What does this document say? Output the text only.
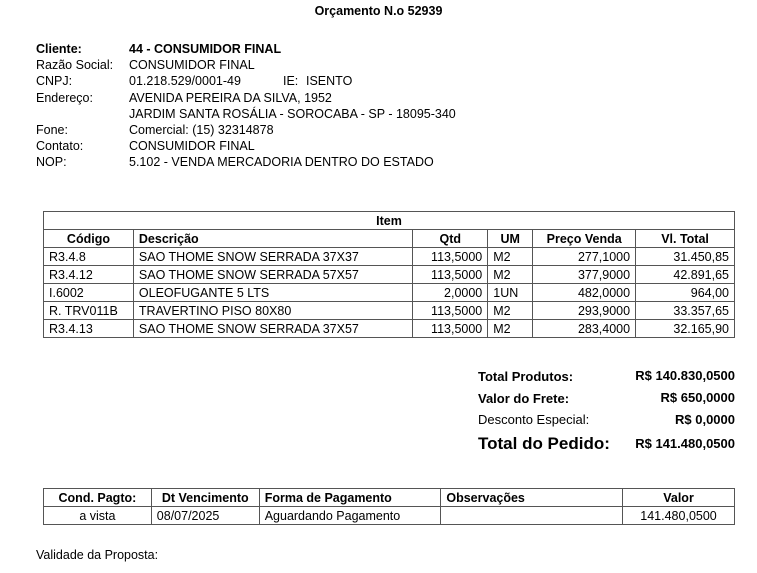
Orçamento N.o 52939
Cliente:	44 - CONSUMIDOR FINAL
Razão Social: CONSUMIDOR FINAL
CNPJ:	01.218.529/0001-49	IE: ISENTO
Endereço:	AVENIDA PEREIRA DA SILVA, 1952
JARDIM SANTA ROSÁLIA - SOROCABA - SP - 18095-340
Fone:	Comercial: (15) 32314878
Contato:	CONSUMIDOR FINAL
NOP:	5.102 - VENDA MERCADORIA DENTRO DO ESTADO
Item					
Código	Descrição	Qtd	UM	Preço Venda	Vl. Total
R3.4.8	SAO THOME SNOW SERRADA 37X37	113,5000	M2	277,1000	31.450,85
R3.4.12	SAO THOME SNOW SERRADA 57X57	113,5000	M2	377,9000	42.891,65
I.6002	OLEOFUGANTE 5 LTS	2,0000	1UN	482,0000	964,00
R. TRV011B	TRAVERTINO PISO 80X80	113,5000	M2	293,9000	33.357,65
R3.4.13	SAO THOME SNOW SERRADA 37X57	113,5000	M2	283,4000	32.165,90
Total Produtos:	R$ 140.830,0500
Valor do Frete:	R$ 650,0000
Desconto Especial:	R$ 0,0000
Total do Pedido: R$ 141.480,0500
Cond. Pagto:	Dt Vencimento	Forma de Pagamento	Observações	Valor
a vista	08/07/2025	Aguardando Pagamento		141.480,0500
Validade da Proposta:
